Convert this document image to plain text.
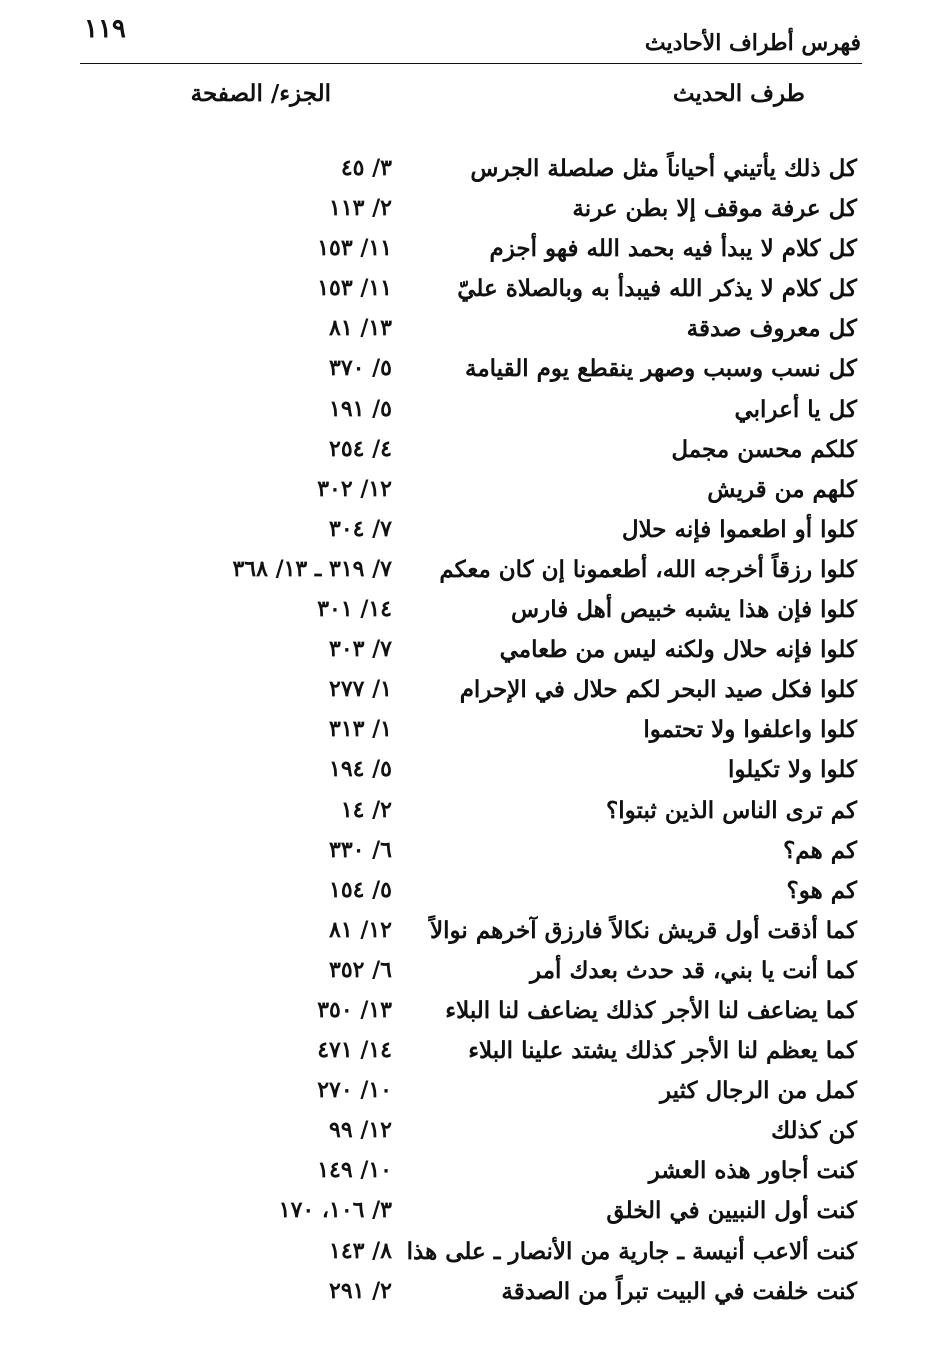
١١٩	فهرس أطراف الأحاديث
طرف الحديث
الجزء/ الصفحة
كل ذلك يأتيني أحياناً مثل صلصلة الجرس
٣/ ٤٥
كل عرفة موقف إلا بطن عرنة
٢/ ١١٣
كل كلام لا يبدأ فيه بحمد الله فهو أجزم
١١/ ١٥٣
كل كلام لا يذكر الله فيبدأ به وبالصلاة عليّ
١١/ ١٥٣
كل معروف صدقة
١٣/ ٨١
كل نسب وسبب وصهر ينقطع يوم القيامة
٥/ ٣٧٠
كل يا أعرابي
٥/ ١٩١
كلكم محسن مجمل
٤/ ٢٥٤
كلهم من قريش
١٢/ ٣٠٢
كلوا أو اطعموا فإنه حلال
٧/ ٣٠٤
كلوا رزقاً أخرجه الله، أطعمونا إن كان معكم
٧/ ٣١٩ ـ ١٣/ ٣٦٨
كلوا فإن هذا يشبه خبيص أهل فارس
١٤/ ٣٠١
كلوا فإنه حلال ولكنه ليس من طعامي
٧/ ٣٠٣
كلوا فكل صيد البحر لكم حلال في الإحرام
١/ ٢٧٧
كلوا واعلفوا ولا تحتموا
١/ ٣١٣
كلوا ولا تكيلوا
٥/ ١٩٤
كم ترى الناس الذين ثبتوا؟
٢/ ١٤
كم هم؟
٦/ ٣٣٠
كم هو؟
٥/ ١٥٤
كما أذقت أول قريش نكالاً فارزق آخرهم نوالاً
١٢/ ٨١
كما أنت يا بني، قد حدث بعدك أمر
٦/ ٣٥٢
كما يضاعف لنا الأجر كذلك يضاعف لنا البلاء
١٣/ ٣٥٠
كما يعظم لنا الأجر كذلك يشتد علينا البلاء
١٤/ ٤٧١
كمل من الرجال كثير
١٠/ ٢٧٠
كن كذلك
١٢/ ٩٩
كنت أجاور هذه العشر
١٠/ ١٤٩
كنت أول النبيين في الخلق
٣/ ١٠٦، ١٧٠
كنت ألاعب أنيسة ـ جارية من الأنصار ـ على هذا
٨/ ١٤٣
كنت خلفت في البيت تبراً من الصدقة
٢/ ٢٩١
